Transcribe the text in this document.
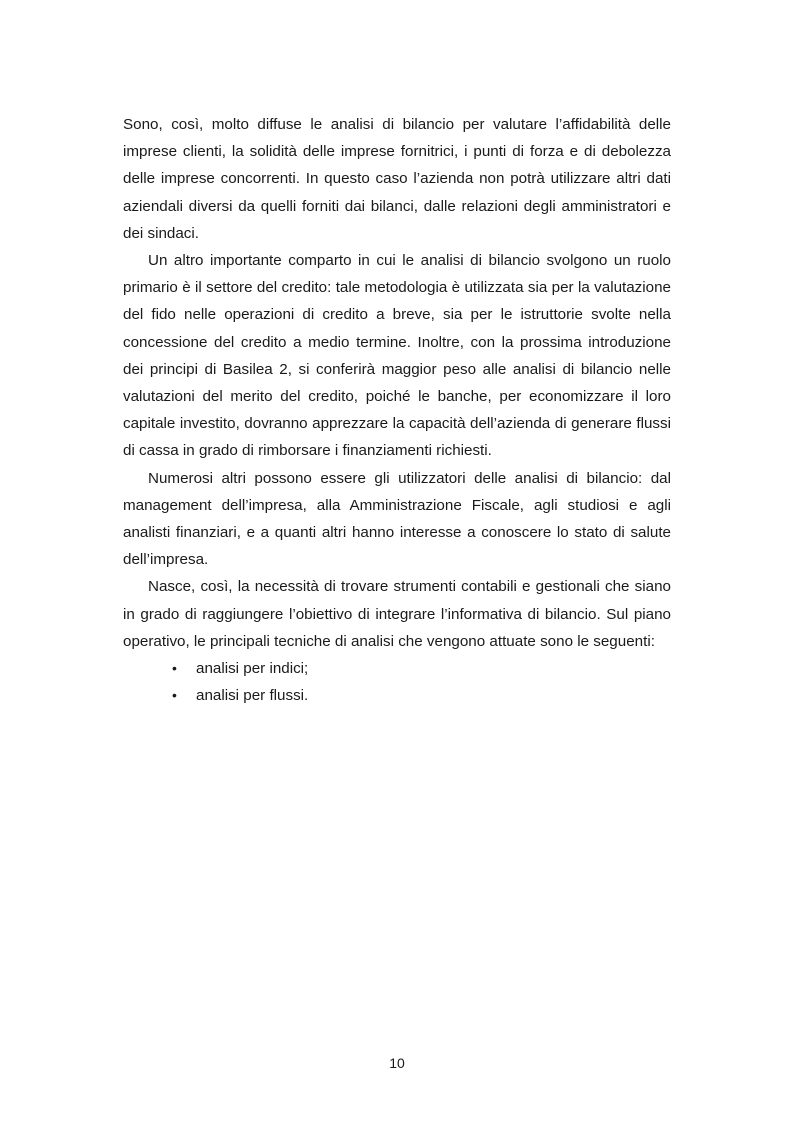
Sono, così, molto diffuse le analisi di bilancio per valutare l’affidabilità delle imprese clienti, la solidità delle imprese fornitrici, i punti di forza e di debolezza delle imprese concorrenti. In questo caso l’azienda non potrà utilizzare altri dati aziendali diversi da quelli forniti dai bilanci, dalle relazioni degli amministratori e dei sindaci.

Un altro importante comparto in cui le analisi di bilancio svolgono un ruolo primario è il settore del credito: tale metodologia è utilizzata sia per la valutazione del fido nelle operazioni di credito a breve, sia per le istruttorie svolte nella concessione del credito a medio termine. Inoltre, con la prossima introduzione dei principi di Basilea 2, si conferirà maggior peso alle analisi di bilancio nelle valutazioni del merito del credito, poiché le banche, per economizzare il loro capitale investito, dovranno apprezzare la capacità dell’azienda di generare flussi di cassa in grado di rimborsare i finanziamenti richiesti.

Numerosi altri possono essere gli utilizzatori delle analisi di bilancio: dal management dell’impresa, alla Amministrazione Fiscale, agli studiosi e agli analisti finanziari, e a quanti altri hanno interesse a conoscere lo stato di salute dell’impresa.

Nasce, così, la necessità di trovare strumenti contabili e gestionali che siano in grado di raggiungere l’obiettivo di integrare l’informativa di bilancio. Sul piano operativo, le principali tecniche di analisi che vengono attuate sono le seguenti:

• analisi per indici;
• analisi per flussi.
10
